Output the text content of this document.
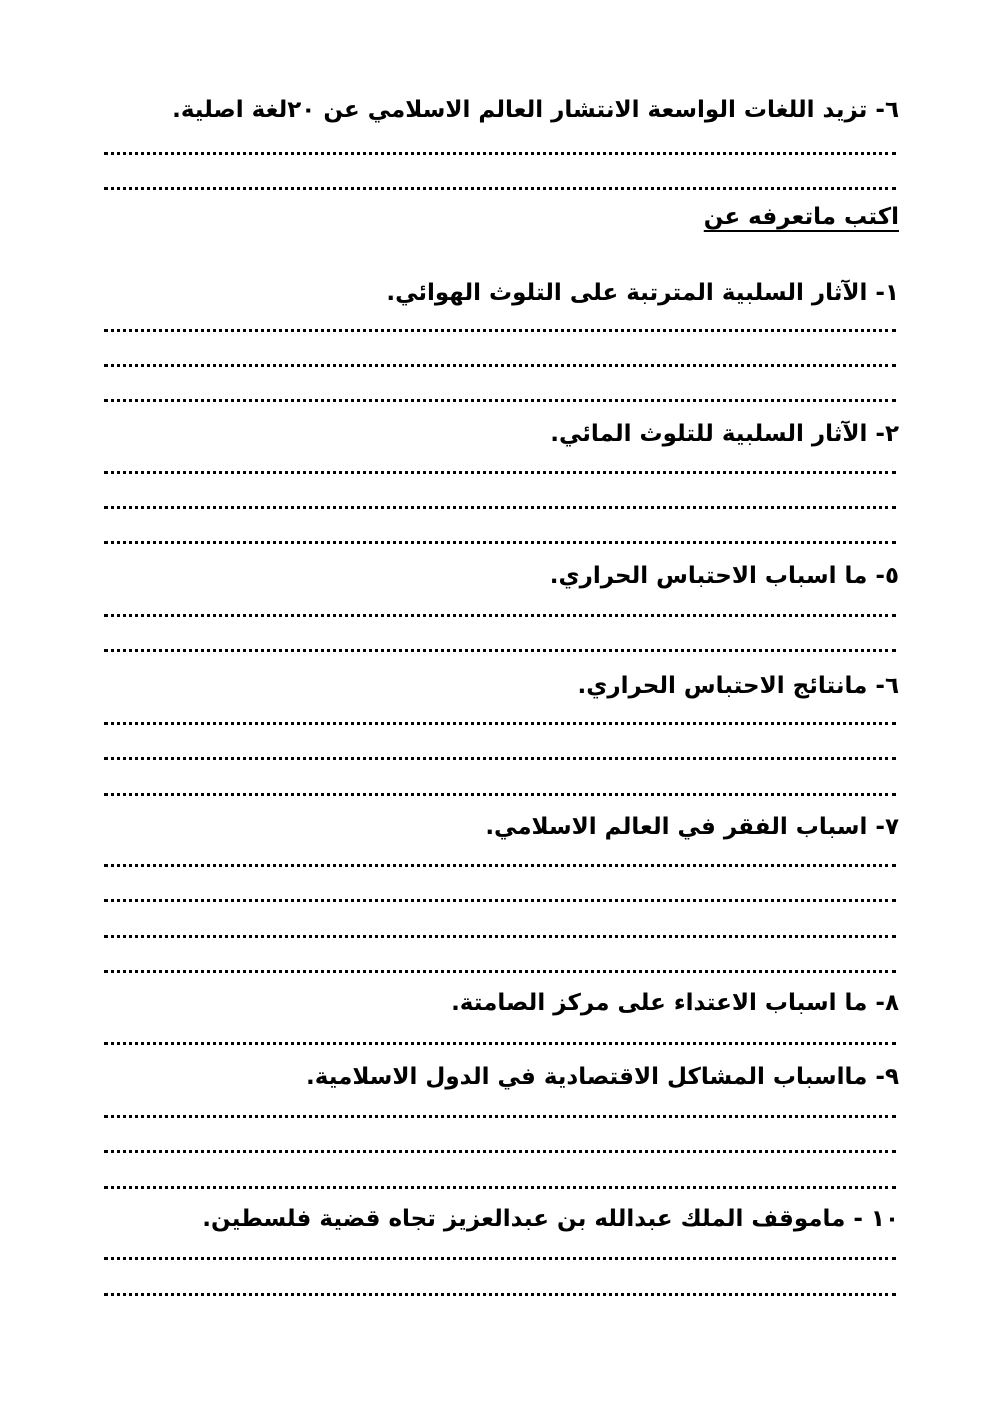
٦- تزيد اللغات الواسعة الانتشار العالم الاسلامي عن ٢٠لغة اصلية.
اكتب ماتعرفه عن
١- الآثار السلبية المترتبة على التلوث الهوائي.
٢- الآثار السلبية للتلوث المائي.
٥- ما اسباب الاحتباس الحراري.
٦- مانتائج الاحتباس الحراري.
٧- اسباب الفقر في العالم الاسلامي.
٨- ما اسباب الاعتداء على مركز الصامتة.
٩- مااسباب المشاكل الاقتصادية في الدول الاسلامية.
١٠ - ماموقف الملك عبدالله بن عبدالعزيز تجاه قضية فلسطين.
